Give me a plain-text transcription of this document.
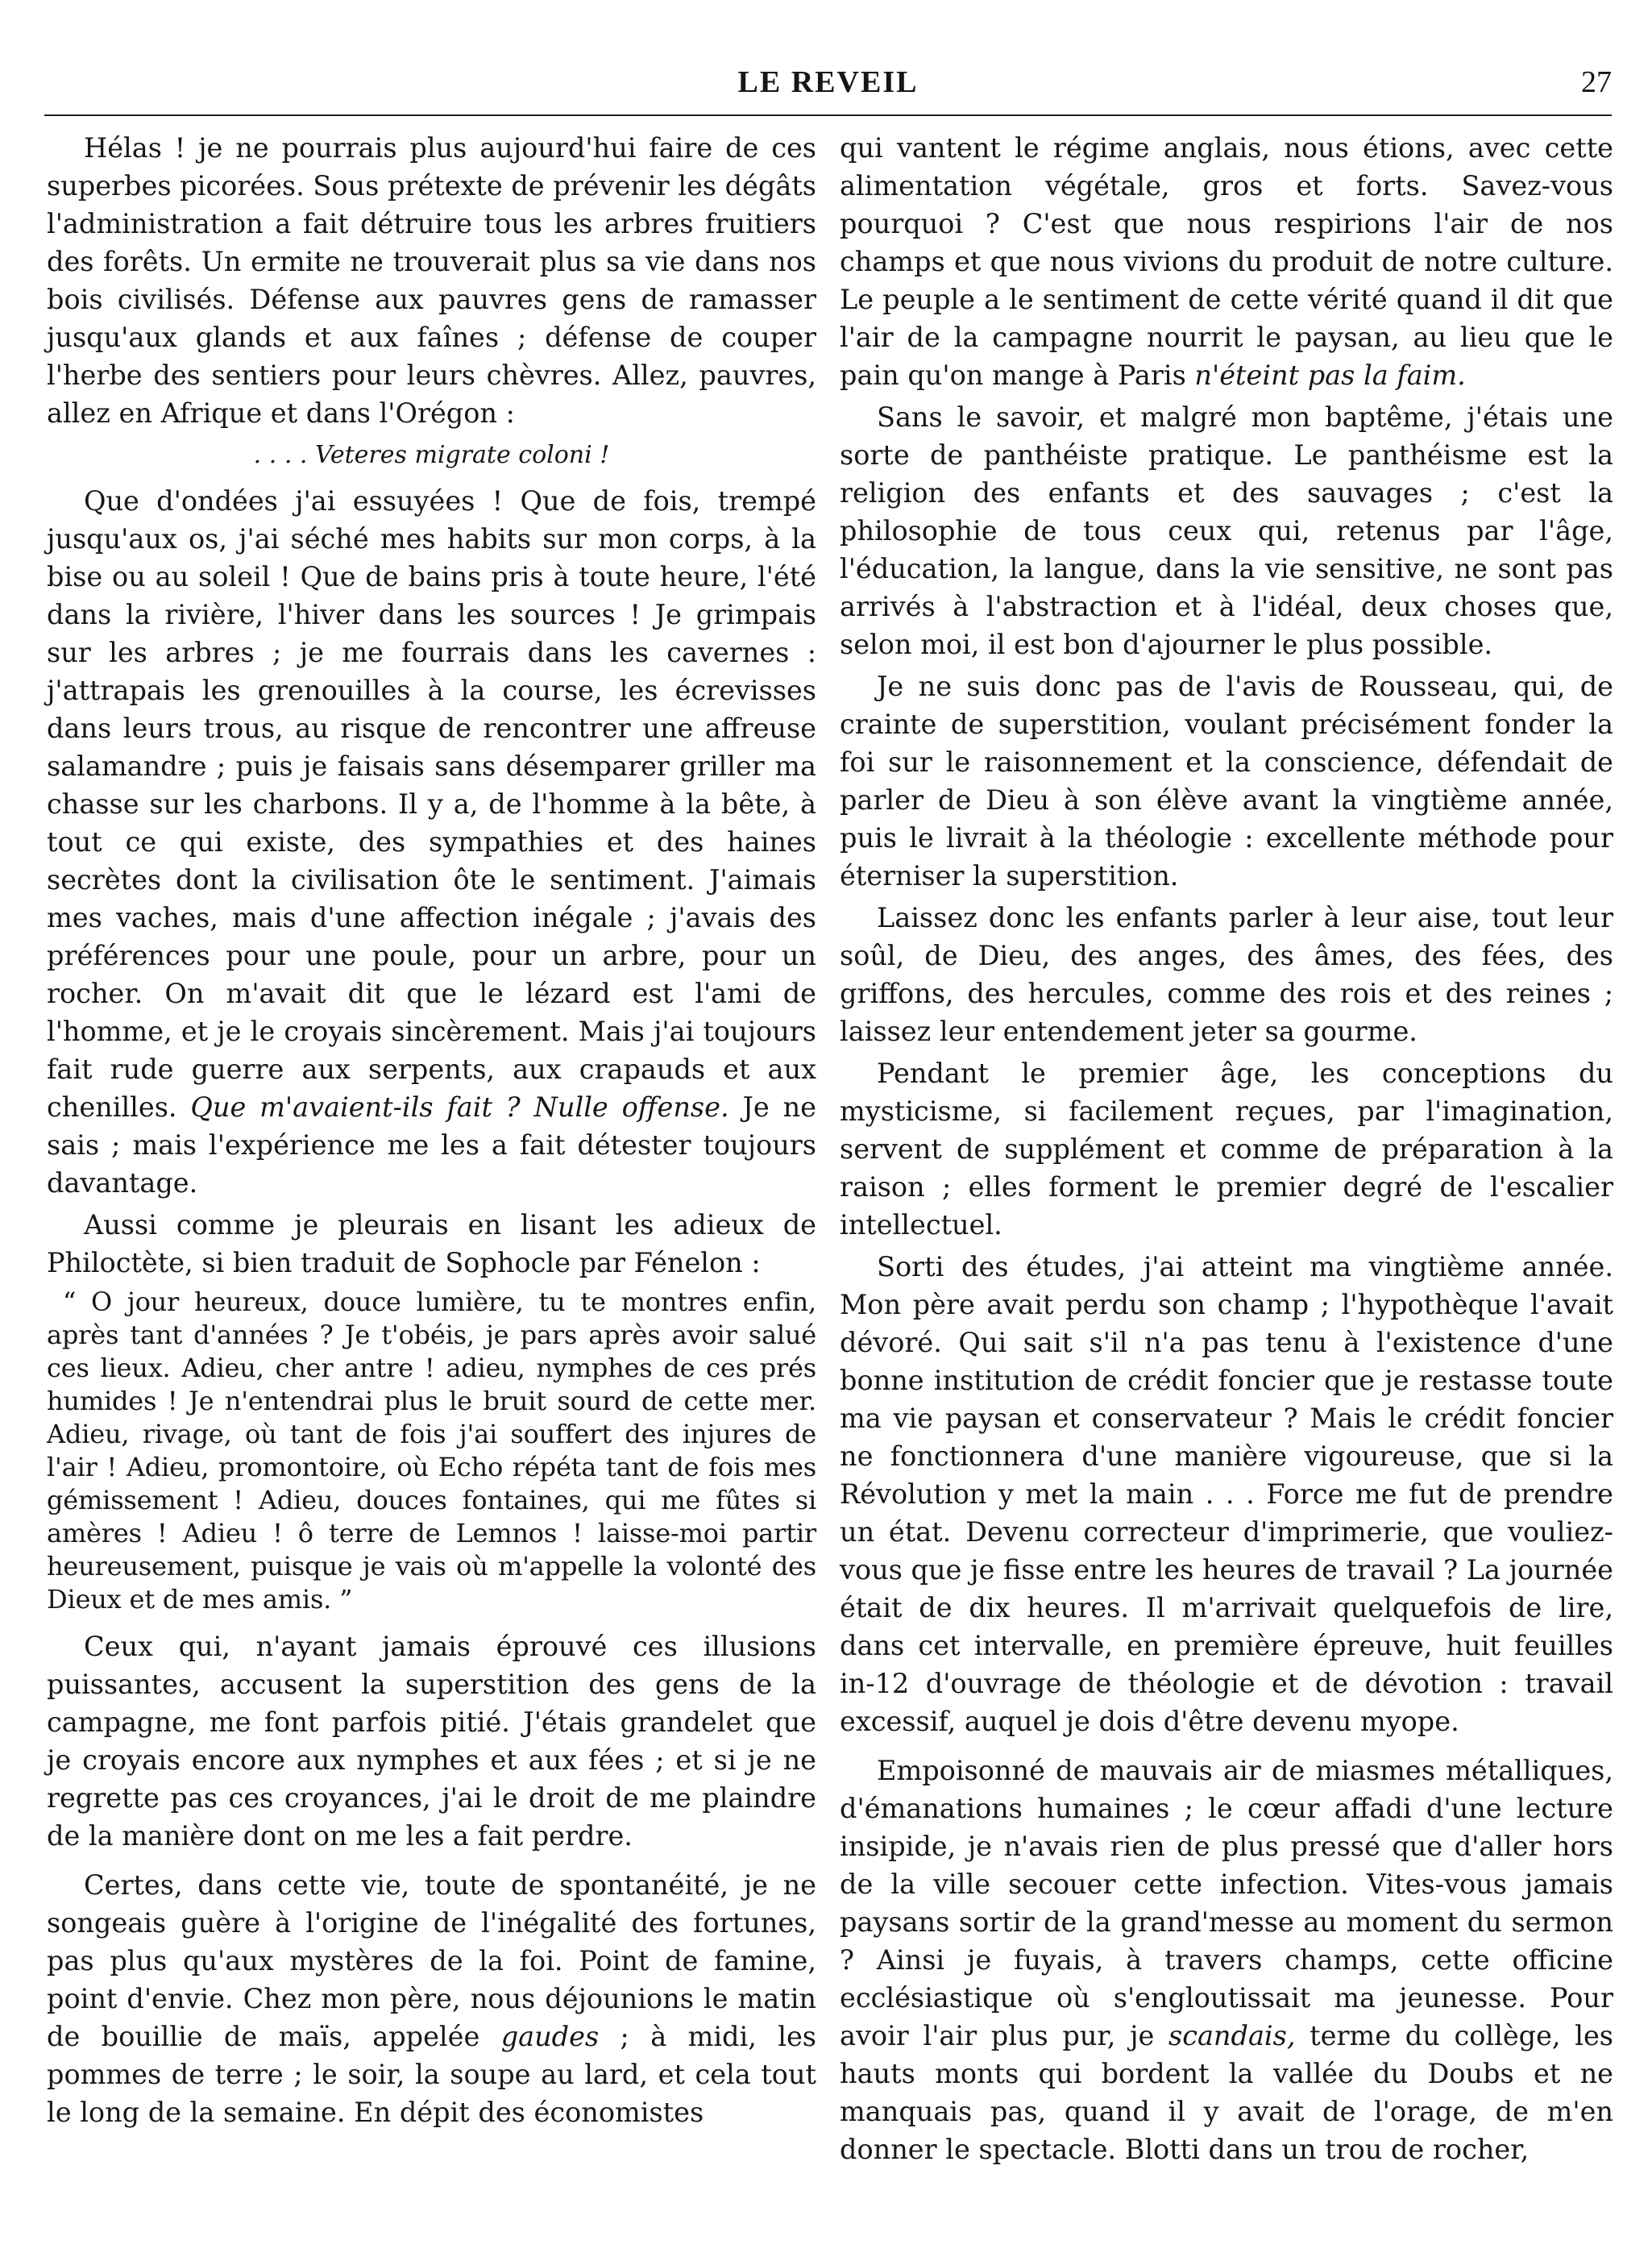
LE REVEIL	27

Hélas ! je ne pourrais plus aujourd'hui faire de ces superbes picorées. Sous prétexte de prévenir les dégâts l'administration a fait détruire tous les arbres fruitiers des forêts. Un ermite ne trouverait plus sa vie dans nos bois civilisés. Défense aux pauvres gens de ramasser jusqu'aux glands et aux faînes ; défense de couper l'herbe des sentiers pour leurs chèvres. Allez, pauvres, allez en Afrique et dans l'Orégon :

. . . . Veteres migrate coloni !

Que d'ondées j'ai essuyées ! Que de fois, trempé jusqu'aux os, j'ai séché mes habits sur mon corps, à la bise ou au soleil ! Que de bains pris à toute heure, l'été dans la rivière, l'hiver dans les sources ! Je grimpais sur les arbres ; je me fourrais dans les cavernes : j'attrapais les grenouilles à la course, les écrevisses dans leurs trous, au risque de rencontrer une affreuse salamandre ; puis je faisais sans désemparer griller ma chasse sur les charbons. Il y a, de l'homme à la bête, à tout ce qui existe, des sympathies et des haines secrètes dont la civilisation ôte le sentiment. J'aimais mes vaches, mais d'une affection inégale ; j'avais des préférences pour une poule, pour un arbre, pour un rocher. On m'avait dit que le lézard est l'ami de l'homme, et je le croyais sincèrement. Mais j'ai toujours fait rude guerre aux serpents, aux crapauds et aux chenilles. Que m'avaient-ils fait ? Nulle offense. Je ne sais ; mais l'expérience me les a fait détester toujours davantage.

Aussi comme je pleurais en lisant les adieux de Philoctète, si bien traduit de Sophocle par Fénelon :

“ O jour heureux, douce lumière, tu te montres enfin, après tant d'années ? Je t'obéis, je pars après avoir salué ces lieux. Adieu, cher antre ! adieu, nymphes de ces prés humides ! Je n'entendrai plus le bruit sourd de cette mer. Adieu, rivage, où tant de fois j'ai souffert des injures de l'air ! Adieu, promontoire, où Echo répéta tant de fois mes gémissement ! Adieu, douces fontaines, qui me fûtes si amères ! Adieu ! ô terre de Lemnos ! laisse-moi partir heureusement, puisque je vais où m'appelle la volonté des Dieux et de mes amis. ”

Ceux qui, n'ayant jamais éprouvé ces illusions puissantes, accusent la superstition des gens de la campagne, me font parfois pitié. J'étais grandelet que je croyais encore aux nymphes et aux fées ; et si je ne regrette pas ces croyances, j'ai le droit de me plaindre de la manière dont on me les a fait perdre.

Certes, dans cette vie, toute de spontanéité, je ne songeais guère à l'origine de l'inégalité des fortunes, pas plus qu'aux mystères de la foi. Point de famine, point d'envie. Chez mon père, nous déjounions le matin de bouillie de maïs, appelée gaudes ; à midi, les pommes de terre ; le soir, la soupe au lard, et cela tout le long de la semaine. En dépit des économistes

qui vantent le régime anglais, nous étions, avec cette alimentation végétale, gros et forts. Savez-vous pourquoi ? C'est que nous respirions l'air de nos champs et que nous vivions du produit de notre culture. Le peuple a le sentiment de cette vérité quand il dit que l'air de la campagne nourrit le paysan, au lieu que le pain qu'on mange à Paris n'éteint pas la faim.

Sans le savoir, et malgré mon baptême, j'étais une sorte de panthéiste pratique. Le panthéisme est la religion des enfants et des sauvages ; c'est la philosophie de tous ceux qui, retenus par l'âge, l'éducation, la langue, dans la vie sensitive, ne sont pas arrivés à l'abstraction et à l'idéal, deux choses que, selon moi, il est bon d'ajourner le plus possible.

Je ne suis donc pas de l'avis de Rousseau, qui, de crainte de superstition, voulant précisément fonder la foi sur le raisonnement et la conscience, défendait de parler de Dieu à son élève avant la vingtième année, puis le livrait à la théologie : excellente méthode pour éterniser la superstition.

Laissez donc les enfants parler à leur aise, tout leur soûl, de Dieu, des anges, des âmes, des fées, des griffons, des hercules, comme des rois et des reines ; laissez leur entendement jeter sa gourme.

Pendant le premier âge, les conceptions du mysticisme, si facilement reçues, par l'imagination, servent de supplément et comme de préparation à la raison ; elles forment le premier degré de l'escalier intellectuel.

Sorti des études, j'ai atteint ma vingtième année. Mon père avait perdu son champ ; l'hypothèque l'avait dévoré. Qui sait s'il n'a pas tenu à l'existence d'une bonne institution de crédit foncier que je restasse toute ma vie paysan et conservateur ? Mais le crédit foncier ne fonctionnera d'une manière vigoureuse, que si la Révolution y met la main . . . Force me fut de prendre un état. Devenu correcteur d'imprimerie, que vouliez-vous que je fisse entre les heures de travail ? La journée était de dix heures. Il m'arrivait quelquefois de lire, dans cet intervalle, en première épreuve, huit feuilles in-12 d'ouvrage de théologie et de dévotion : travail excessif, auquel je dois d'être devenu myope.

Empoisonné de mauvais air de miasmes métalliques, d'émanations humaines ; le cœur affadi d'une lecture insipide, je n'avais rien de plus pressé que d'aller hors de la ville secouer cette infection. Vites-vous jamais paysans sortir de la grand'messe au moment du sermon ? Ainsi je fuyais, à travers champs, cette officine ecclésiastique où s'engloutissait ma jeunesse. Pour avoir l'air plus pur, je scandais, terme du collège, les hauts monts qui bordent la vallée du Doubs et ne manquais pas, quand il y avait de l'orage, de m'en donner le spectacle. Blotti dans un trou de rocher,
